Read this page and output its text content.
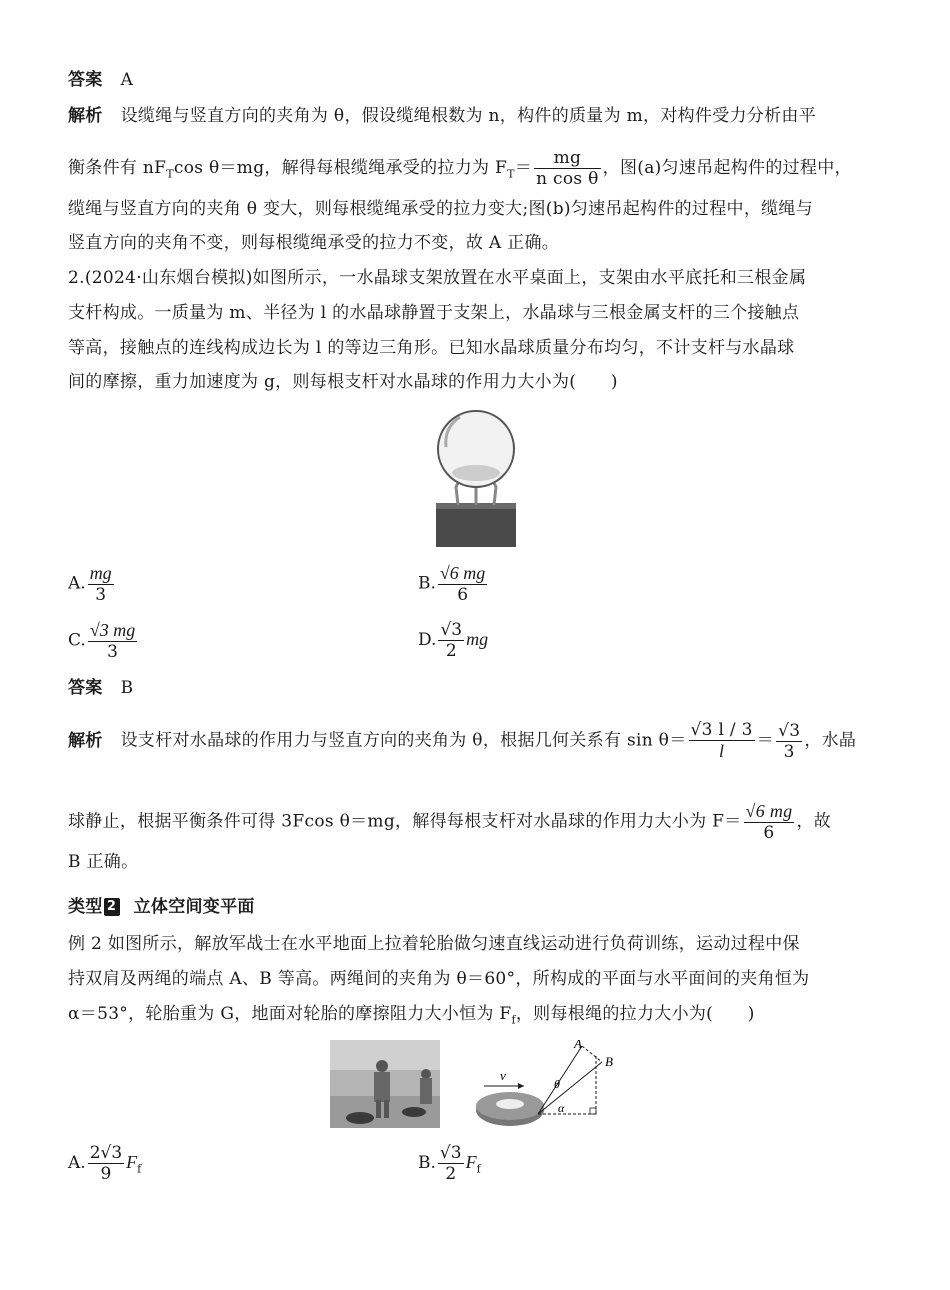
答案 A
解析 设缆绳与竖直方向的夹角为 θ，假设缆绳根数为 n，构件的质量为 m，对构件受力分析由平
衡条件有 $nF_T\cos$ θ＝mg，解得每根缆绳承受的拉力为 $F_T= \frac{mg}{\text{n cos θ}}$ ，图(a)匀速吊起构件的过程中，
缆绳与竖直方向的夹角 θ 变大，则每根缆绳承受的拉力变大;图(b)匀速吊起构件的过程中，缆绳与
竖直方向的夹角不变，则每根缆绳承受的拉力不变，故 A 正确。
2.(2024·山东烟台模拟)如图所示，一水晶球支架放置在水平桌面上，支架由水平底托和三根金属
支杆构成。一质量为 m、半径为 l 的水晶球静置于支架上，水晶球与三根金属支杆的三个接触点
等高，接触点的连线构成边长为 l 的等边三角形。已知水晶球质量分布均匀，不计支杆与水晶球
间的摩擦，重力加速度为 g，则每根支杆对水晶球的作用力大小为(　　)
A. $\frac{mg}{3}$	B. $\frac{√6 mg}{6}$
C. $\frac{√3 mg}{3}$	D. $\frac{√3}{2}$ mg
答案 B
解析 设支杆对水晶球的作用力与竖直方向的夹角为 θ，根据几何关系有 $\sin \theta= \frac{√3 l / 3}{l} = \frac{√3}{3}$ ，水晶
球静止，根据平衡条件可得 3Fcos θ＝mg，解得每根支杆对水晶球的作用力大小为 $F= \frac{√6 mg}{6}$ ，故
B 正确。
类型 2 立体空间变平面
例 2 如图所示，解放军战士在水平地面上拉着轮胎做匀速直线运动进行负荷训练，运动过程中保
持双肩及两绳的端点 A、B 等高。两绳间的夹角为 θ＝60°，所构成的平面与水平面间的夹角恒为
α＝53°，轮胎重为 G，地面对轮胎的摩擦阻力大小恒为 $F_f$，则每根绳的拉力大小为(　　)
v
A
B
θ
α
A. $\frac{2√3}{9} F_f$	B. $\frac{√3}{2} F_f$
